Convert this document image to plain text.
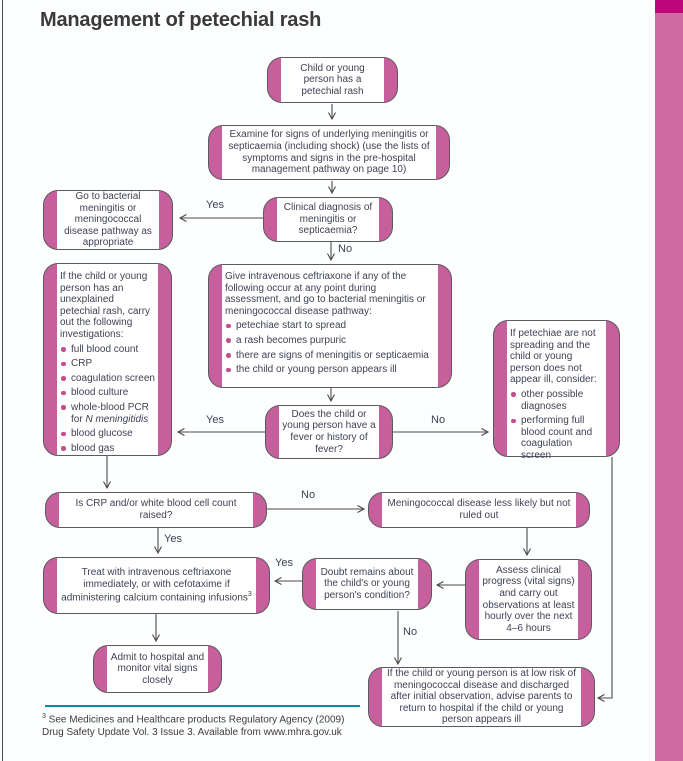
Management of petechial rash
Child or young person has a petechial rash
Examine for signs of underlying meningitis or septicaemia (including shock) (use the lists of symptoms and signs in the pre-hospital management pathway on page 10)
Clinical diagnosis of meningitis or septicaemia?
Go to bacterial meningitis or meningococcal disease pathway as appropriate
Give intravenous ceftriaxone if any of the following occur at any point during assessment, and go to bacterial meningitis or meningococcal disease pathway:
petechiae start to spread
a rash becomes purpuric
there are signs of meningitis or septicaemia
the child or young person appears ill
If the child or young person has an unexplained petechial rash, carry out the following investigations:
full blood count
CRP
coagulation screen
blood culture
whole-blood PCR for N meningitidis
blood glucose
blood gas
Does the child or young person have a fever or history of fever?
If petechiae are not spreading and the child or young person does not appear ill, consider:
other possible diagnoses
performing full blood count and coagulation screen
Is CRP and/or white blood cell count raised?
Meningococcal disease less likely but not ruled out
Treat with intravenous ceftriaxone immediately, or with cefotaxime if administering calcium containing infusions$^3$
Doubt remains about the child's or young person's condition?
Assess clinical progress (vital signs) and carry out observations at least hourly over the next 4–6 hours
Admit to hospital and monitor vital signs closely
If the child or young person is at low risk of meningococcal disease and discharged after initial observation, advise parents to return to hospital if the child or young person appears ill
Yes
No
Yes	No
No
Yes
Yes
No
$^3$ See Medicines and Healthcare products Regulatory Agency (2009)
Drug Safety Update Vol. 3 Issue 3. Available from www.mhra.gov.uk
